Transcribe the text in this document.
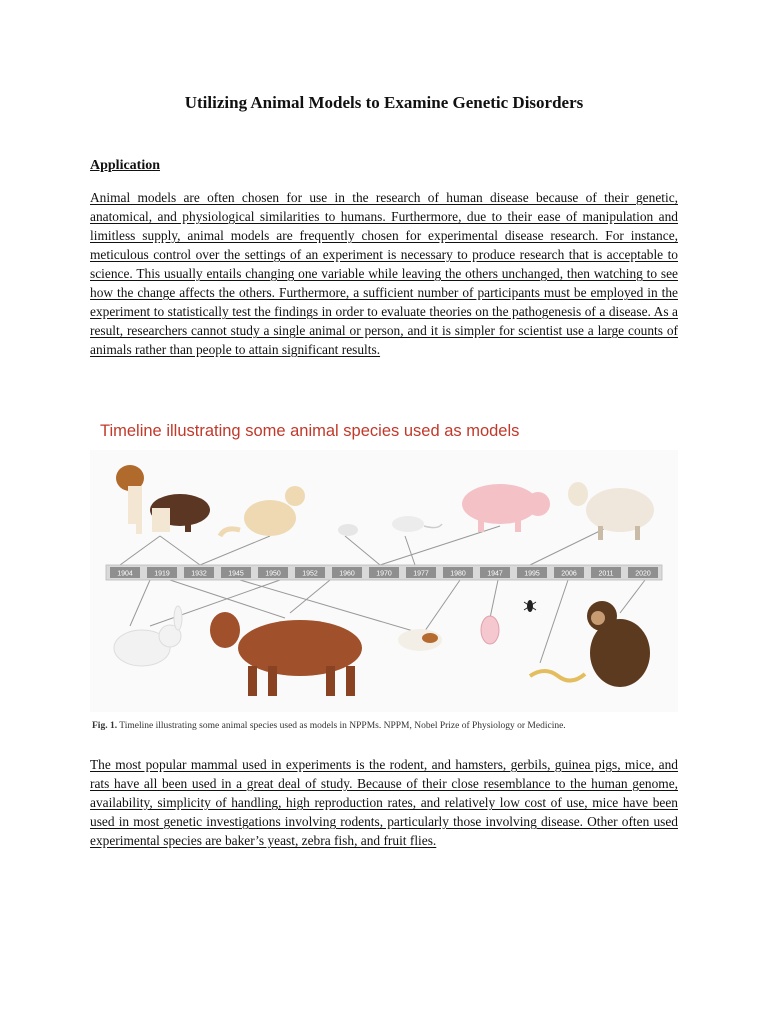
Utilizing Animal Models to Examine Genetic Disorders
Application
Animal models are often chosen for use in the research of human disease because of their genetic, anatomical, and physiological similarities to humans. Furthermore, due to their ease of manipulation and limitless supply, animal models are frequently chosen for experimental disease research. For instance, meticulous control over the settings of an experiment is necessary to produce research that is acceptable to science. This usually entails changing one variable while leaving the others unchanged, then watching to see how the change affects the others. Furthermore, a sufficient number of participants must be employed in the experiment to statistically test the findings in order to evaluate theories on the pathogenesis of a disease. As a result, researchers cannot study a single animal or person, and it is simpler for scientist use a large counts of animals rather than people to attain significant results.
Timeline illustrating some animal species used as models
1904	1919	1932	1945	1950	1952	1960	1970	1977	1980	1947	1995	2006	2011	2020
Fig. 1. Timeline illustrating some animal species used as models in NPPMs. NPPM, Nobel Prize of Physiology or Medicine.
The most popular mammal used in experiments is the rodent, and hamsters, gerbils, guinea pigs, mice, and rats have all been used in a great deal of study. Because of their close resemblance to the human genome, availability, simplicity of handling, high reproduction rates, and relatively low cost of use, mice have been used in most genetic investigations involving rodents, particularly those involving disease. Other often used experimental species are baker’s yeast, zebra fish, and fruit flies.
